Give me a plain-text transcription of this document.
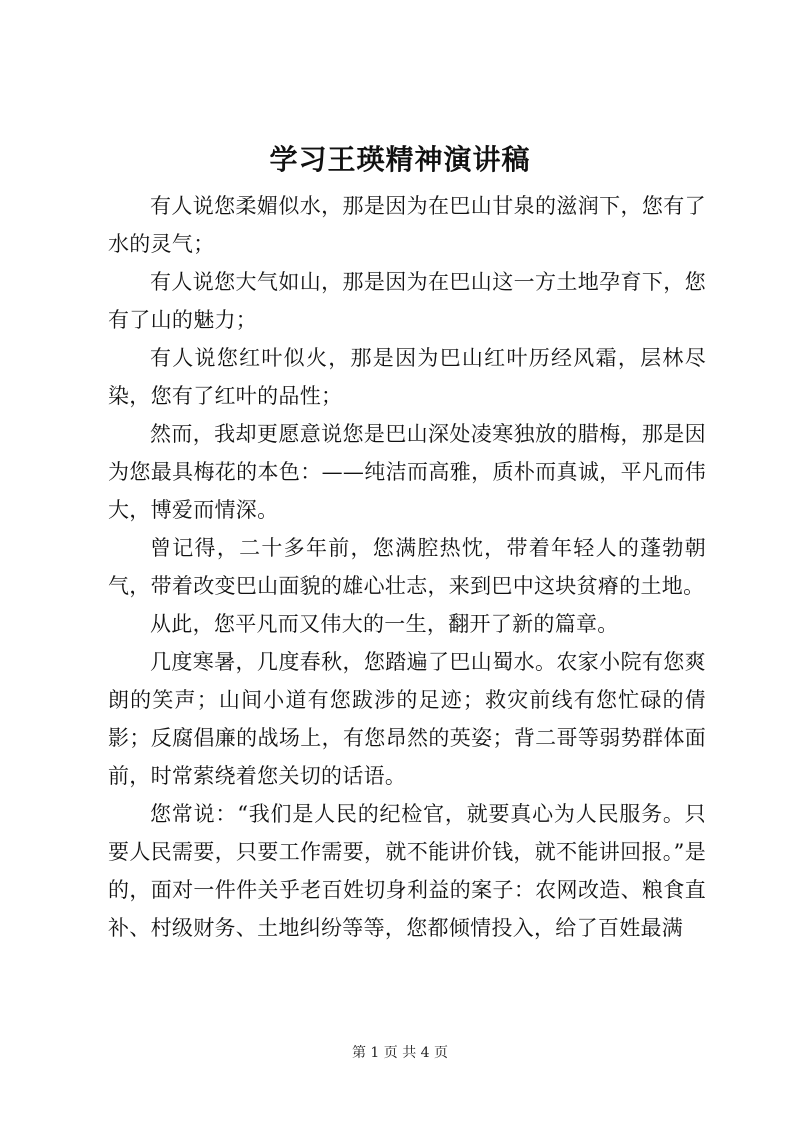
学习王瑛精神演讲稿

有人说您柔媚似水，那是因为在巴山甘泉的滋润下，您有了水的灵气；

有人说您大气如山，那是因为在巴山这一方土地孕育下，您有了山的魅力；

有人说您红叶似火，那是因为巴山红叶历经风霜，层林尽染，您有了红叶的品性；

然而，我却更愿意说您是巴山深处凌寒独放的腊梅，那是因为您最具梅花的本色：——纯洁而高雅，质朴而真诚，平凡而伟大，博爱而情深。

曾记得，二十多年前，您满腔热忱，带着年轻人的蓬勃朝气，带着改变巴山面貌的雄心壮志，来到巴中这块贫瘠的土地。

从此，您平凡而又伟大的一生，翻开了新的篇章。

几度寒暑，几度春秋，您踏遍了巴山蜀水。农家小院有您爽朗的笑声；山间小道有您跋涉的足迹；救灾前线有您忙碌的倩影；反腐倡廉的战场上，有您昂然的英姿；背二哥等弱势群体面前，时常萦绕着您关切的话语。

您常说：“我们是人民的纪检官，就要真心为人民服务。只要人民需要，只要工作需要，就不能讲价钱，就不能讲回报。”是的，面对一件件关乎老百姓切身利益的案子：农网改造、粮食直补、村级财务、土地纠纷等等，您都倾情投入，给了百姓最满

第 1 页 共 4 页
